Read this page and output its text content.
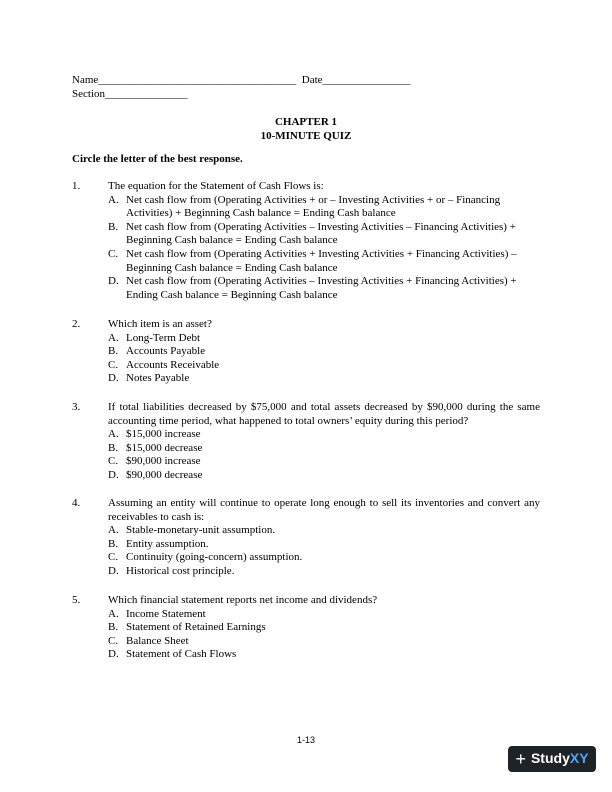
Name____________________________________ Date________________
Section_______________
CHAPTER 1
10-MINUTE QUIZ
Circle the letter of the best response.
1.	The equation for the Statement of Cash Flows is:
A. Net cash flow from (Operating Activities + or – Investing Activities + or – Financing Activities) + Beginning Cash balance = Ending Cash balance
B. Net cash flow from (Operating Activities – Investing Activities – Financing Activities) + Beginning Cash balance = Ending Cash balance
C. Net cash flow from (Operating Activities + Investing Activities + Financing Activities) – Beginning Cash balance = Ending Cash balance
D. Net cash flow from (Operating Activities – Investing Activities + Financing Activities) + Ending Cash balance = Beginning Cash balance
2.	Which item is an asset?
A. Long-Term Debt
B. Accounts Payable
C. Accounts Receivable
D. Notes Payable
3.	If total liabilities decreased by $75,000 and total assets decreased by $90,000 during the same accounting time period, what happened to total owners’ equity during this period?
A. $15,000 increase
B. $15,000 decrease
C. $90,000 increase
D. $90,000 decrease
4.	Assuming an entity will continue to operate long enough to sell its inventories and convert any receivables to cash is:
A. Stable-monetary-unit assumption.
B. Entity assumption.
C. Continuity (going-concern) assumption.
D. Historical cost principle.
5.	Which financial statement reports net income and dividends?
A. Income Statement
B. Statement of Retained Earnings
C. Balance Sheet
D. Statement of Cash Flows
1-13
+ Study XY
